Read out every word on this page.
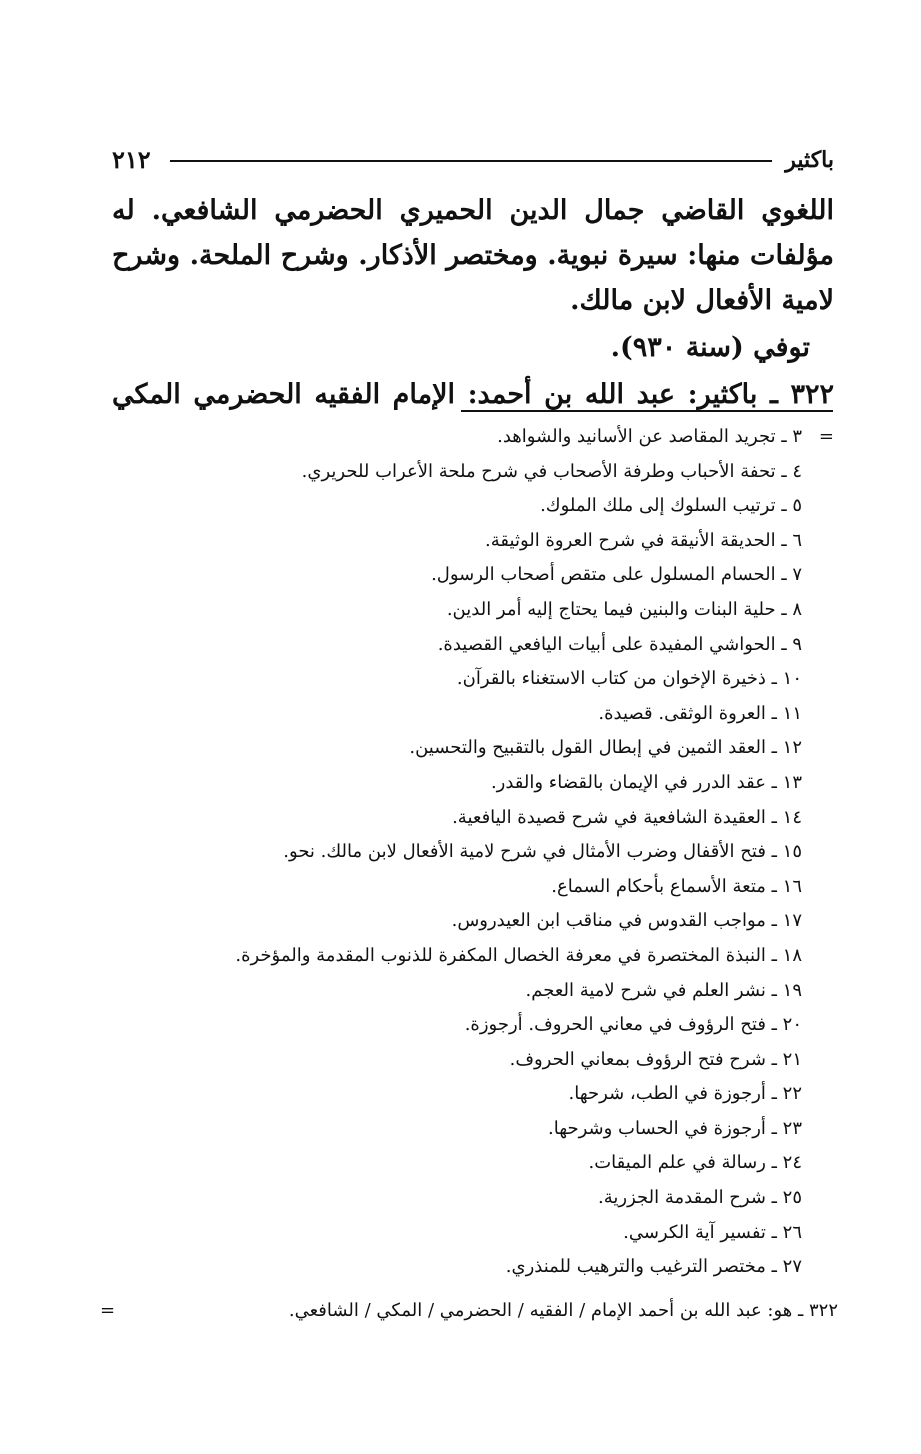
باكثير
٢١٢

اللغوي القاضي جمال الدين الحميري الحضرمي الشافعي. له مؤلفات منها: سيرة نبوية. ومختصر الأذكار. وشرح الملحة. وشرح لامية الأفعال لابن مالك.

توفي (سنة ٩٣٠).

٣٢٢ ـ باكثير: عبد الله بن أحمد: الإمام الفقيه الحضرمي المكي

=
٣ ـ تجريد المقاصد عن الأسانيد والشواهد.
٤ ـ تحفة الأحباب وطرفة الأصحاب في شرح ملحة الأعراب للحريري.
٥ ـ ترتيب السلوك إلى ملك الملوك.
٦ ـ الحديقة الأنيقة في شرح العروة الوثيقة.
٧ ـ الحسام المسلول على متقص أصحاب الرسول.
٨ ـ حلية البنات والبنين فيما يحتاج إليه أمر الدين.
٩ ـ الحواشي المفيدة على أبيات اليافعي القصيدة.
١٠ ـ ذخيرة الإخوان من كتاب الاستغناء بالقرآن.
١١ ـ العروة الوثقى. قصيدة.
١٢ ـ العقد الثمين في إبطال القول بالتقبيح والتحسين.
١٣ ـ عقد الدرر في الإيمان بالقضاء والقدر.
١٤ ـ العقيدة الشافعية في شرح قصيدة اليافعية.
١٥ ـ فتح الأقفال وضرب الأمثال في شرح لامية الأفعال لابن مالك. نحو.
١٦ ـ متعة الأسماع بأحكام السماع.
١٧ ـ مواجب القدوس في مناقب ابن العيدروس.
١٨ ـ النبذة المختصرة في معرفة الخصال المكفرة للذنوب المقدمة والمؤخرة.
١٩ ـ نشر العلم في شرح لامية العجم.
٢٠ ـ فتح الرؤوف في معاني الحروف. أرجوزة.
٢١ ـ شرح فتح الرؤوف بمعاني الحروف.
٢٢ ـ أرجوزة في الطب، شرحها.
٢٣ ـ أرجوزة في الحساب وشرحها.
٢٤ ـ رسالة في علم الميقات.
٢٥ ـ شرح المقدمة الجزرية.
٢٦ ـ تفسير آية الكرسي.
٢٧ ـ مختصر الترغيب والترهيب للمنذري.
٣٢٢ ـ هو: عبد الله بن أحمد الإمام / الفقيه / الحضرمي / المكي / الشافعي.
=
